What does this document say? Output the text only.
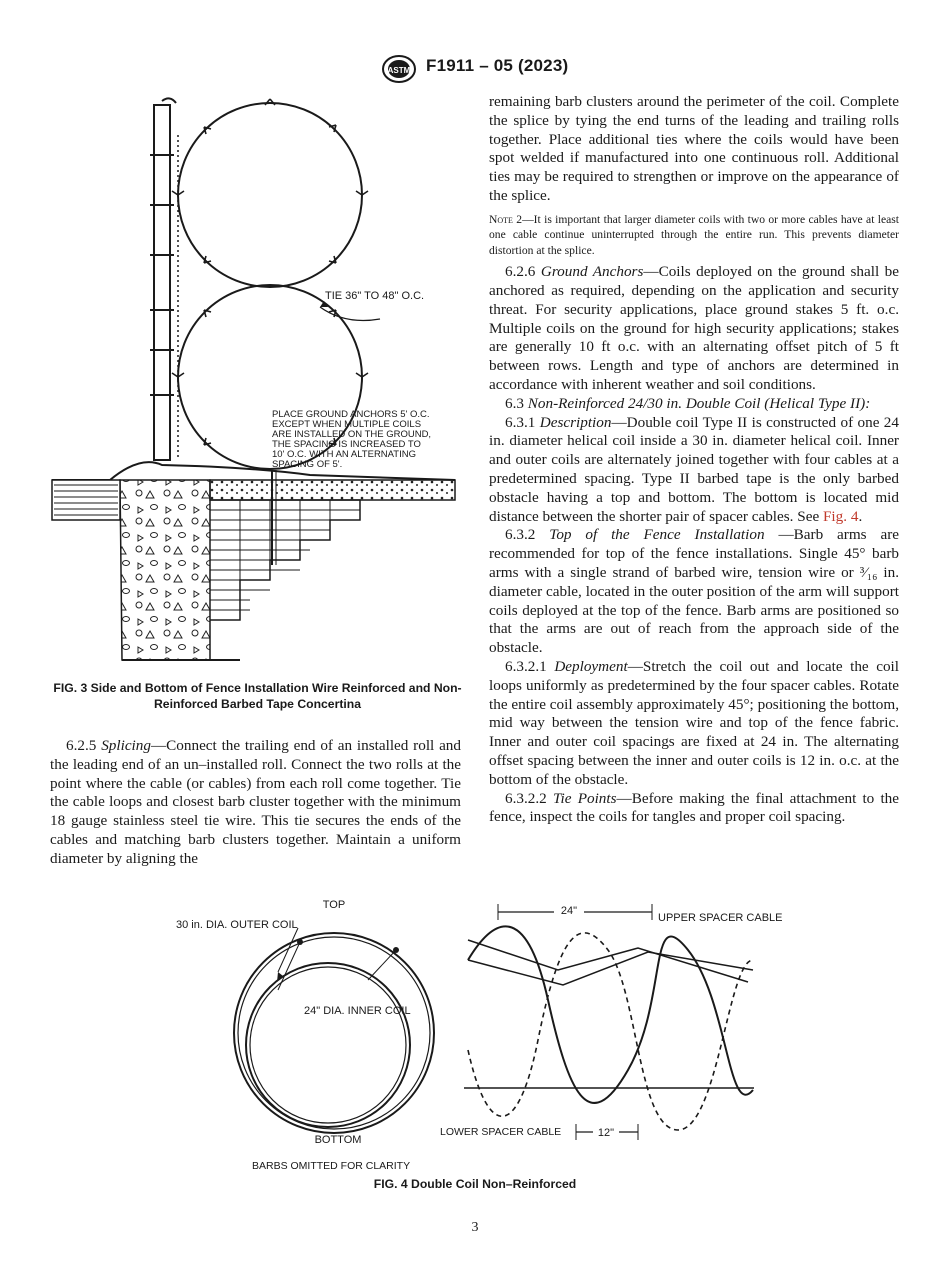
ASTM F1911 – 05 (2023)
TIE 36" TO 48" O.C.
PLACE GROUND ANCHORS 5' O.C.
EXCEPT WHEN MULTIPLE COILS
ARE INSTALLED ON THE GROUND,
THE SPACING IS INCREASED TO
10' O.C. WITH AN ALTERNATING
SPACING OF 5'.
FIG. 3 Side and Bottom of Fence Installation Wire Reinforced and Non-Reinforced Barbed Tape Concertina

6.2.5 Splicing—Connect the trailing end of an installed roll and the leading end of an un–installed roll. Connect the two rolls at the point where the cable (or cables) from each roll come together. Tie the cable loops and closest barb cluster together with the minimum 18 gauge stainless steel tie wire. This tie secures the ends of the cables and matching barb clusters together. Maintain a uniform diameter by aligning the

remaining barb clusters around the perimeter of the coil. Complete the splice by tying the end turns of the leading and trailing rolls together. Place additional ties where the coils would have been spot welded if manufactured into one continuous roll. Additional ties may be required to strengthen or improve on the appearance of the splice.

Note 2—It is important that larger diameter coils with two or more cables have at least one cable continue uninterrupted through the entire run. This prevents diameter distortion at the splice.

6.2.6 Ground Anchors—Coils deployed on the ground shall be anchored as required, depending on the application and security threat. For security applications, place ground stakes 5 ft. o.c. Multiple coils on the ground for high security applications; stakes are generally 10 ft o.c. with an alternating offset pitch of 5 ft between rows. Length and type of anchors are determined in accordance with inherent weather and soil conditions.

6.3 Non-Reinforced 24/30 in. Double Coil (Helical Type II):

6.3.1 Description—Double coil Type II is constructed of one 24 in. diameter helical coil inside a 30 in. diameter helical coil. Inner and outer coils are alternately joined together with four cables at a predetermined spacing. Type II barbed tape is the only barbed obstacle having a top and bottom. The bottom is located mid distance between the shorter pair of spacer cables. See Fig. 4.

6.3.2 Top of the Fence Installation —Barb arms are recommended for top of the fence installations. Single 45° barb arms with a single strand of barbed wire, tension wire or ³⁄₁₆ in. diameter cable, located in the outer position of the arm will support coils deployed at the top of the fence. Barb arms are positioned so that the arms are out of reach from the approach side of the obstacle.

6.3.2.1 Deployment—Stretch the coil out and locate the coil loops uniformly as predetermined by the four spacer cables. Rotate the entire coil assembly approximately 45°; positioning the bottom, mid way between the tension wire and top of the fence fabric. Inner and outer coil spacings are fixed at 24 in. The alternating offset spacing between the inner and outer coils is 12 in. o.c. at the bottom of the obstacle.

6.3.2.2 Tie Points—Before making the final attachment to the fence, inspect the coils for tangles and proper coil spacing.

TOP
30 in. DIA. OUTER COIL
24" DIA. INNER COIL
BOTTOM
BARBS OMITTED FOR CLARITY
24"
UPPER SPACER CABLE
LOWER SPACER CABLE	12"
FIG. 4 Double Coil Non–Reinforced
3
